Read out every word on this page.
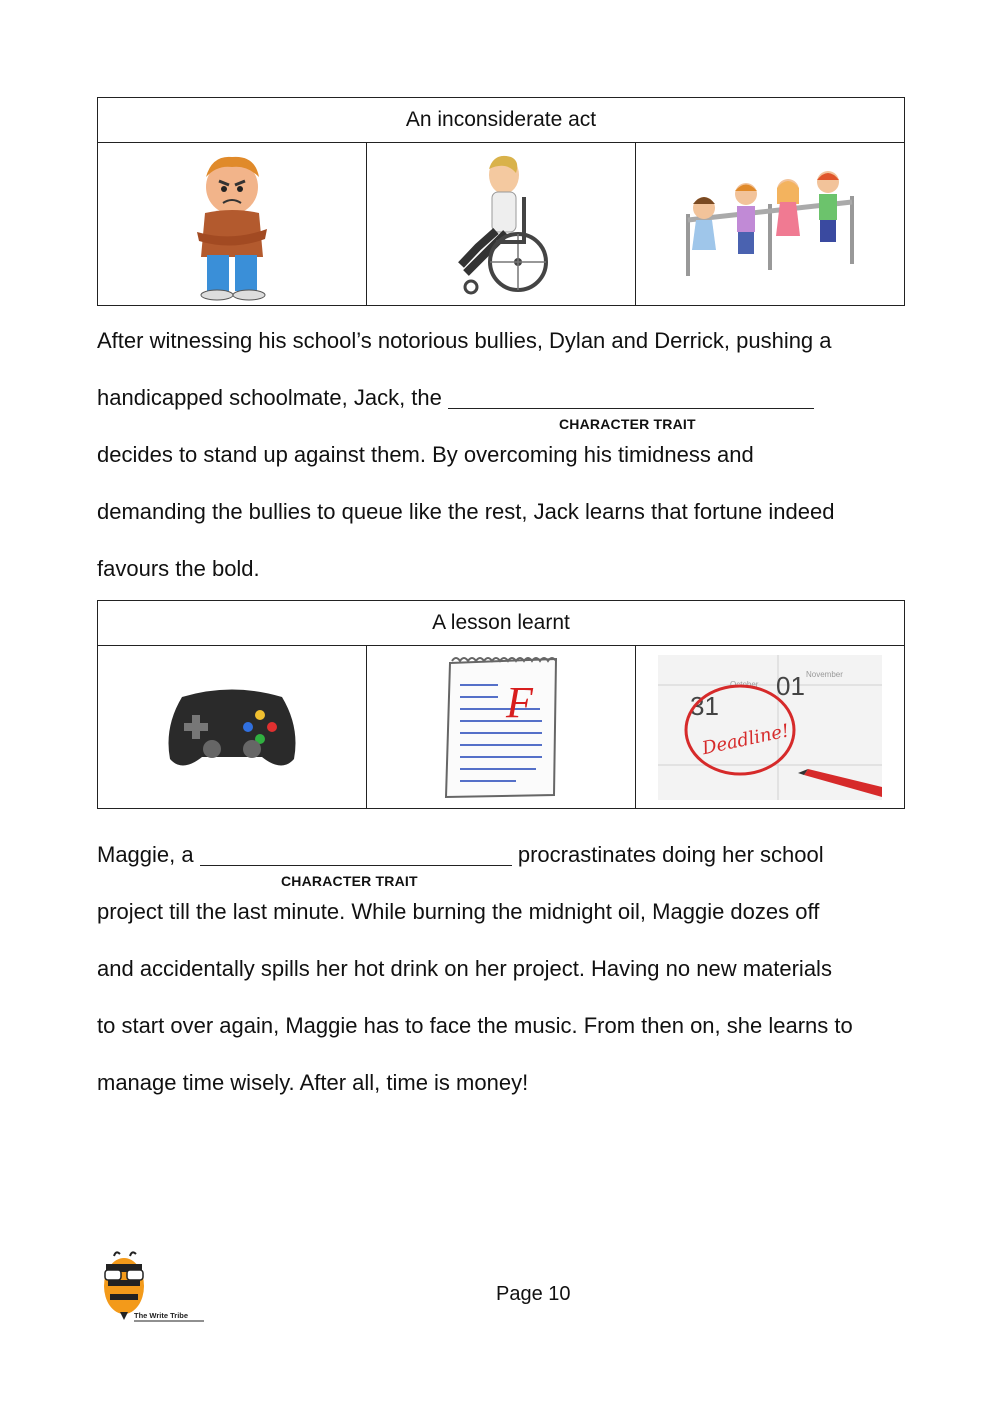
An inconsiderate act
After witnessing his school’s notorious bullies, Dylan and Derrick, pushing a
handicapped schoolmate, Jack, the
CHARACTER TRAIT
decides to stand up against them. By overcoming his timidness and
demanding the bullies to queue like the rest, Jack learns that fortune indeed
favours the bold.
A lesson learnt
F	31
01
October
November
Deadline!
Maggie, a	procrastinates doing her school
CHARACTER TRAIT
project till the last minute. While burning the midnight oil, Maggie dozes off
and accidentally spills her hot drink on her project. Having no new materials
to start over again, Maggie has to face the music. From then on, she learns to
manage time wisely. After all, time is money!
The Write Tribe
Page 10
